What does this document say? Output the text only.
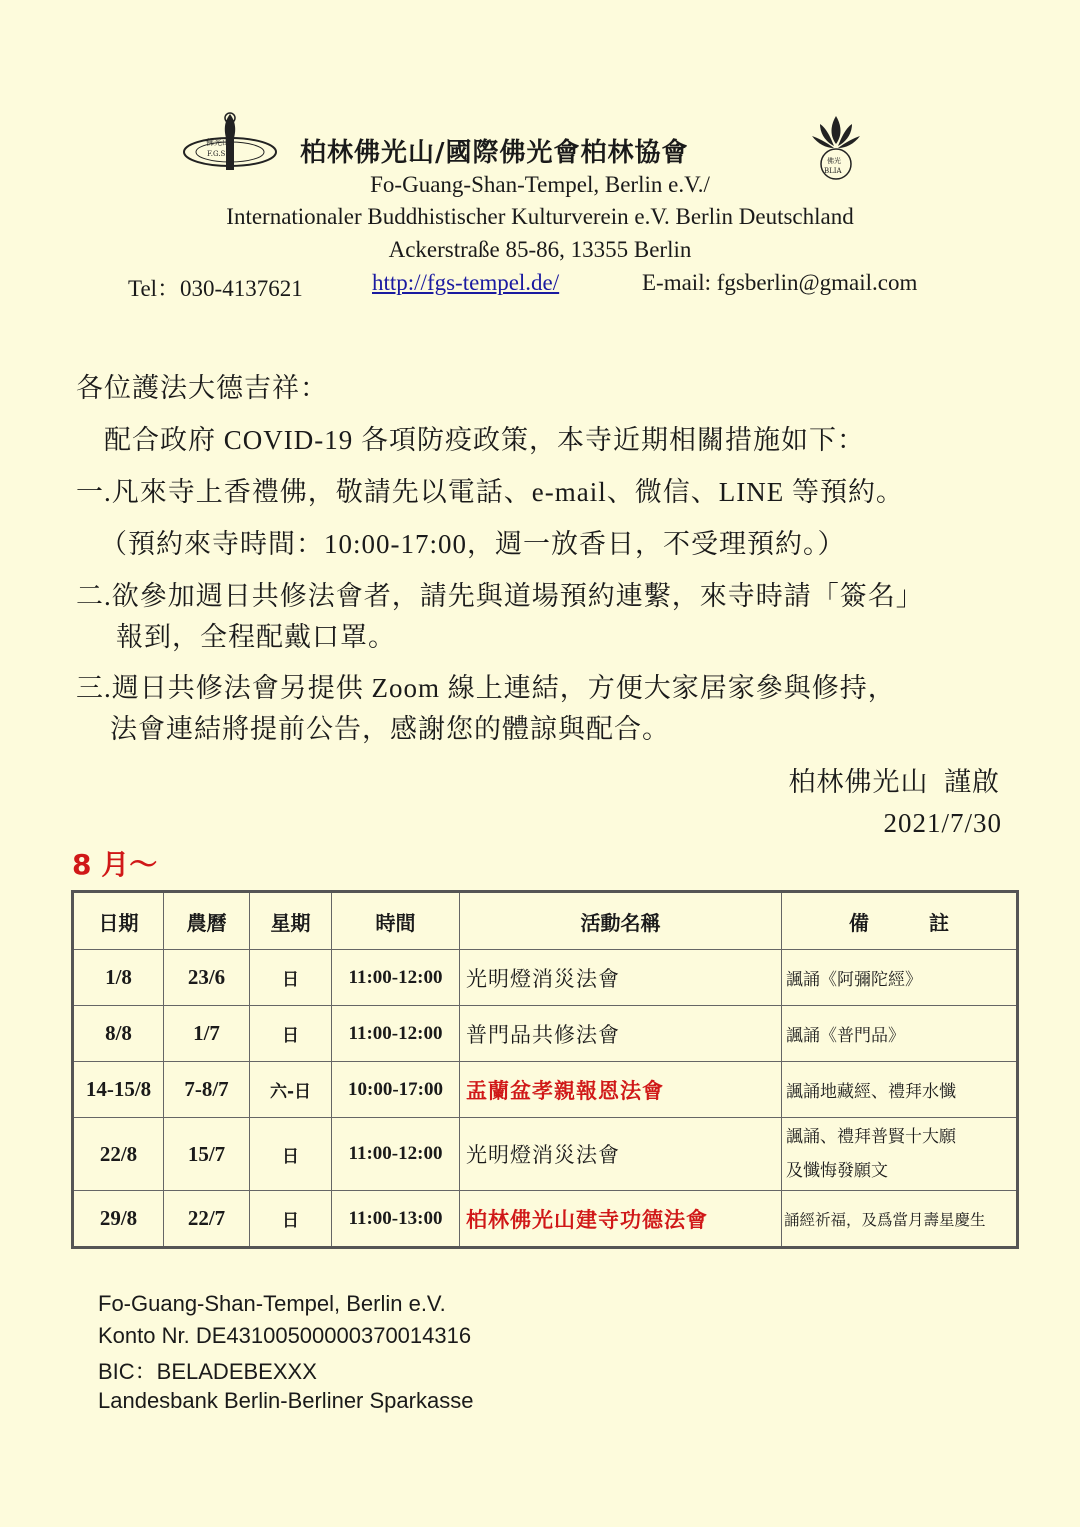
佛光山
F.G.S	柏林佛光山/國際佛光會柏林協會	佛光
BLIA
Fo-Guang-Shan-Tempel, Berlin e.V./
Internationaler Buddhistischer Kulturverein e.V. Berlin Deutschland
Ackerstraße 85-86, 13355 Berlin
Tel：030-4137621	http://fgs-tempel.de/	E-mail: fgsberlin@gmail.com
各位護法大德吉祥：
配合政府 COVID-19 各項防疫政策，本寺近期相關措施如下：
一.凡來寺上香禮佛，敬請先以電話、e-mail、微信、LINE 等預約。
（預約來寺時間：10:00-17:00，週一放香日，不受理預約。）
二.欲參加週日共修法會者，請先與道場預約連繫，來寺時請「簽名」
報到，全程配戴口罩。
三.週日共修法會另提供 Zoom 線上連結，方便大家居家參與修持，
法會連結將提前公告，感謝您的體諒與配合。
柏林佛光山  謹啟
2021/7/30
8 月～
日期	農曆	星期	時間	活動名稱	備　　　註
1/8	23/6	日	11:00-12:00	光明燈消災法會	諷誦《阿彌陀經》
8/8	1/7	日	11:00-12:00	普門品共修法會	諷誦《普門品》
14-15/8	7-8/7	六-日	10:00-17:00	盂蘭盆孝親報恩法會	諷誦地藏經、禮拜水懺
22/8	15/7	日	11:00-12:00	光明燈消災法會	諷誦、禮拜普賢十大願
及懺悔發願文

29/8	22/7	日	11:00-13:00	柏林佛光山建寺功德法會	誦經祈福，及爲當月壽星慶生
Fo-Guang-Shan-Tempel, Berlin e.V.
Konto Nr. DE43100500000370014316
BIC：BELADEBEXXX
Landesbank Berlin-Berliner Sparkasse
